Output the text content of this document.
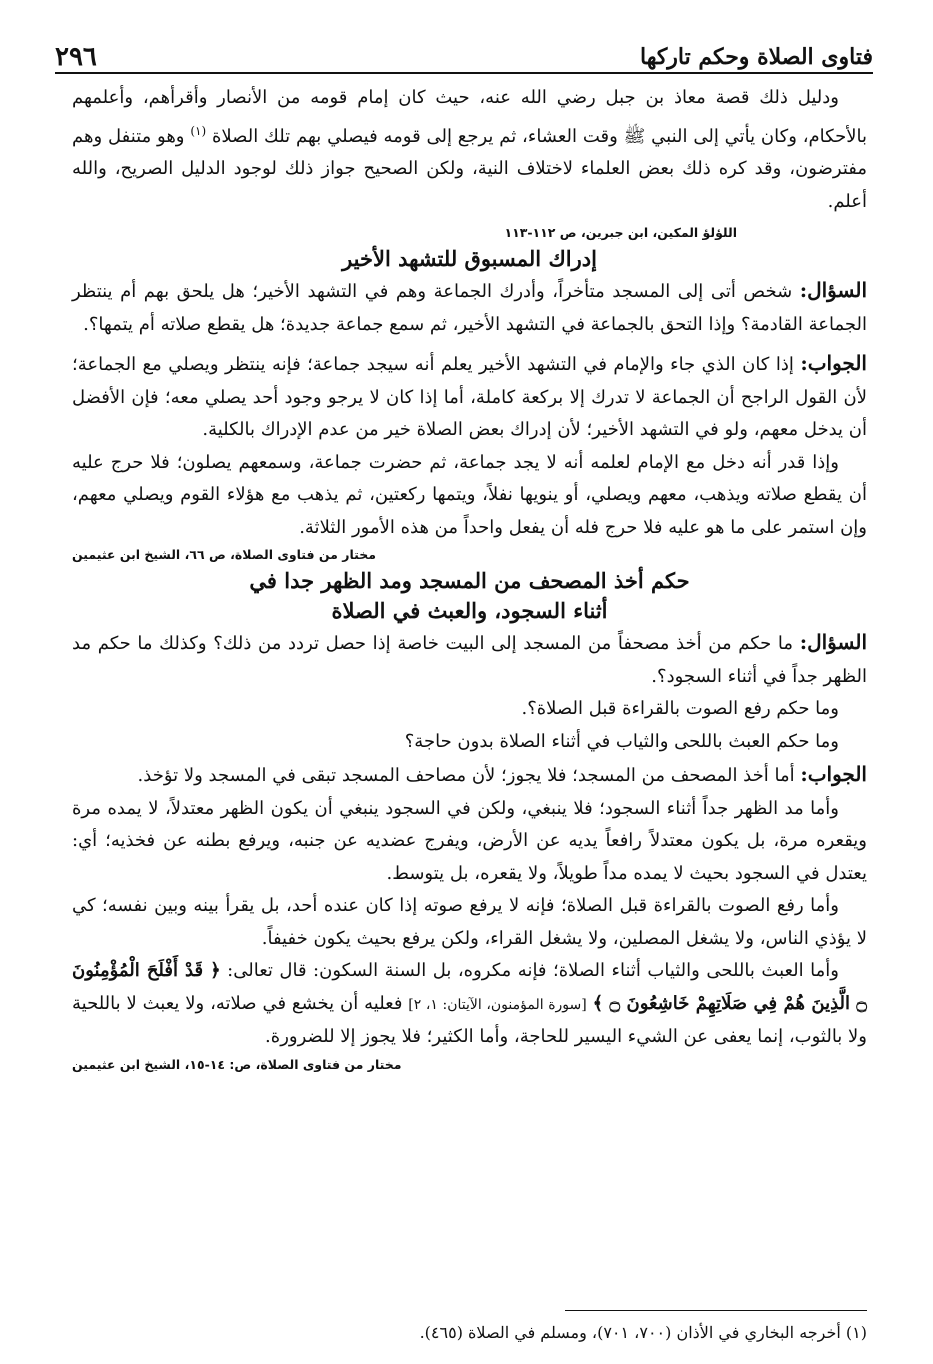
٢٩٦	فتاوى الصلاة وحكم تاركها

ودليل ذلك قصة معاذ بن جبل رضي الله عنه، حيث كان إمام قومه من الأنصار وأقرأهم، وأعلمهم بالأحكام، وكان يأتي إلى النبي ﷺ وقت العشاء، ثم يرجع إلى قومه فيصلي بهم تلك الصلاة $^{(١)}$ وهو متنفل وهم مفترضون، وقد كره ذلك بعض العلماء لاختلاف النية، ولكن الصحيح جواز ذلك لوجود الدليل الصريح، والله أعلم.

اللؤلؤ المكين، ابن جبرين، ص ١١٢-١١٣

إدراك المسبوق للتشهد الأخير

السؤال: شخص أتى إلى المسجد متأخراً، وأدرك الجماعة وهم في التشهد الأخير؛ هل يلحق بهم أم ينتظر الجماعة القادمة؟ وإذا التحق بالجماعة في التشهد الأخير، ثم سمع جماعة جديدة؛ هل يقطع صلاته أم يتمها؟.

الجواب: إذا كان الذي جاء والإمام في التشهد الأخير يعلم أنه سيجد جماعة؛ فإنه ينتظر ويصلي مع الجماعة؛ لأن القول الراجح أن الجماعة لا تدرك إلا بركعة كاملة، أما إذا كان لا يرجو وجود أحد يصلي معه؛ فإن الأفضل أن يدخل معهم، ولو في التشهد الأخير؛ لأن إدراك بعض الصلاة خير من عدم الإدراك بالكلية.

وإذا قدر أنه دخل مع الإمام لعلمه أنه لا يجد جماعة، ثم حضرت جماعة، وسمعهم يصلون؛ فلا حرج عليه أن يقطع صلاته ويذهب، معهم ويصلي، أو ينويها نفلاً، ويتمها ركعتين، ثم يذهب مع هؤلاء القوم ويصلي معهم، وإن استمر على ما هو عليه فلا حرج فله أن يفعل واحداً من هذه الأمور الثلاثة.

مختار من فتاوى الصلاة، ص ٦٦، الشيخ ابن عثيمين

حكم أخذ المصحف من المسجد ومد الظهر جدا في

أثناء السجود، والعبث في الصلاة

السؤال: ما حكم من أخذ مصحفاً من المسجد إلى البيت خاصة إذا حصل تردد من ذلك؟ وكذلك ما حكم مد الظهر جداً في أثناء السجود؟.

وما حكم رفع الصوت بالقراءة قبل الصلاة؟.

وما حكم العبث باللحى والثياب في أثناء الصلاة بدون حاجة؟

الجواب: أما أخذ المصحف من المسجد؛ فلا يجوز؛ لأن مصاحف المسجد تبقى في المسجد ولا تؤخذ.

وأما مد الظهر جداً أثناء السجود؛ فلا ينبغي، ولكن في السجود ينبغي أن يكون الظهر معتدلاً، لا يمده مرة ويقعره مرة، بل يكون معتدلاً رافعاً يديه عن الأرض، ويفرج عضديه عن جنبه، ويرفع بطنه عن فخذيه؛ أي: يعتدل في السجود بحيث لا يمده مداً طويلاً، ولا يقعره، بل يتوسط.

وأما رفع الصوت بالقراءة قبل الصلاة؛ فإنه لا يرفع صوته إذا كان عنده أحد، بل يقرأ بينه وبين نفسه؛ كي لا يؤذي الناس، ولا يشغل المصلين، ولا يشغل القراء، ولكن يرفع بحيث يكون خفيفاً.

وأما العبث باللحى والثياب أثناء الصلاة؛ فإنه مكروه، بل السنة السكون: قال تعالى: ﴿ قَدْ أَفْلَحَ الْمُؤْمِنُونَ ۝ الَّذِينَ هُمْ فِي صَلَاتِهِمْ خَاشِعُونَ ۝ ﴾ [سورة المؤمنون، الآيتان: ١، ٢] فعليه أن يخشع في صلاته، ولا يعبث لا باللحية ولا بالثوب، إنما يعفى عن الشيء اليسير للحاجة، وأما الكثير؛ فلا يجوز إلا للضرورة.

مختار من فتاوى الصلاة، ص: ١٤-١٥، الشيخ ابن عثيمين

(١) أخرجه البخاري في الأذان (٧٠٠، ٧٠١)، ومسلم في الصلاة (٤٦٥).
